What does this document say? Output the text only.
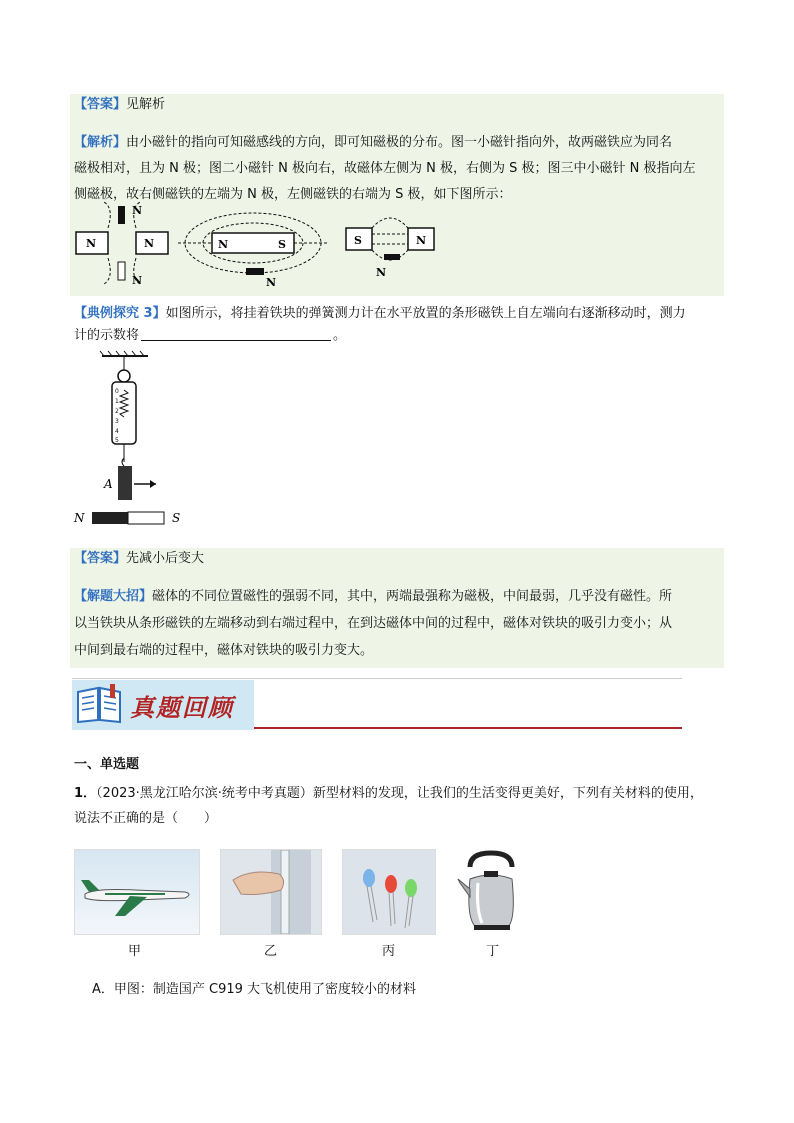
【答案】见解析
【解析】由小磁针的指向可知磁感线的方向，即可知磁极的分布。图一小磁针指向外，故两磁铁应为同名
磁极相对，且为 N 极；图二小磁针 N 极向右，故磁体左侧为 N 极，右侧为 S 极；图三中小磁针 N 极指向左
侧磁极，故右侧磁铁的左端为 N 极，左侧磁铁的右端为 S 极，如下图所示：
N	N
N
N
N	S
N
S	N
N
【典例探究 3】如图所示，将挂着铁块的弹簧测力计在水平放置的条形磁铁上自左端向右逐渐移动时，测力
计的示数将	。
0
1
2
3
4
5
A
N	S
【答案】先减小后变大
【解题大招】磁体的不同位置磁性的强弱不同，其中，两端最强称为磁极，中间最弱，几乎没有磁性。所
以当铁块从条形磁铁的左端移动到右端过程中，在到达磁体中间的过程中，磁体对铁块的吸引力变小；从
中间到最右端的过程中，磁体对铁块的吸引力变大。
真题回顾
一、单选题
1．（2023·黑龙江哈尔滨·统考中考真题）新型材料的发现，让我们的生活变得更美好，下列有关材料的使用，
说法不正确的是（　　）
甲	乙	丙	丁
A．甲图：制造国产 C919 大飞机使用了密度较小的材料
